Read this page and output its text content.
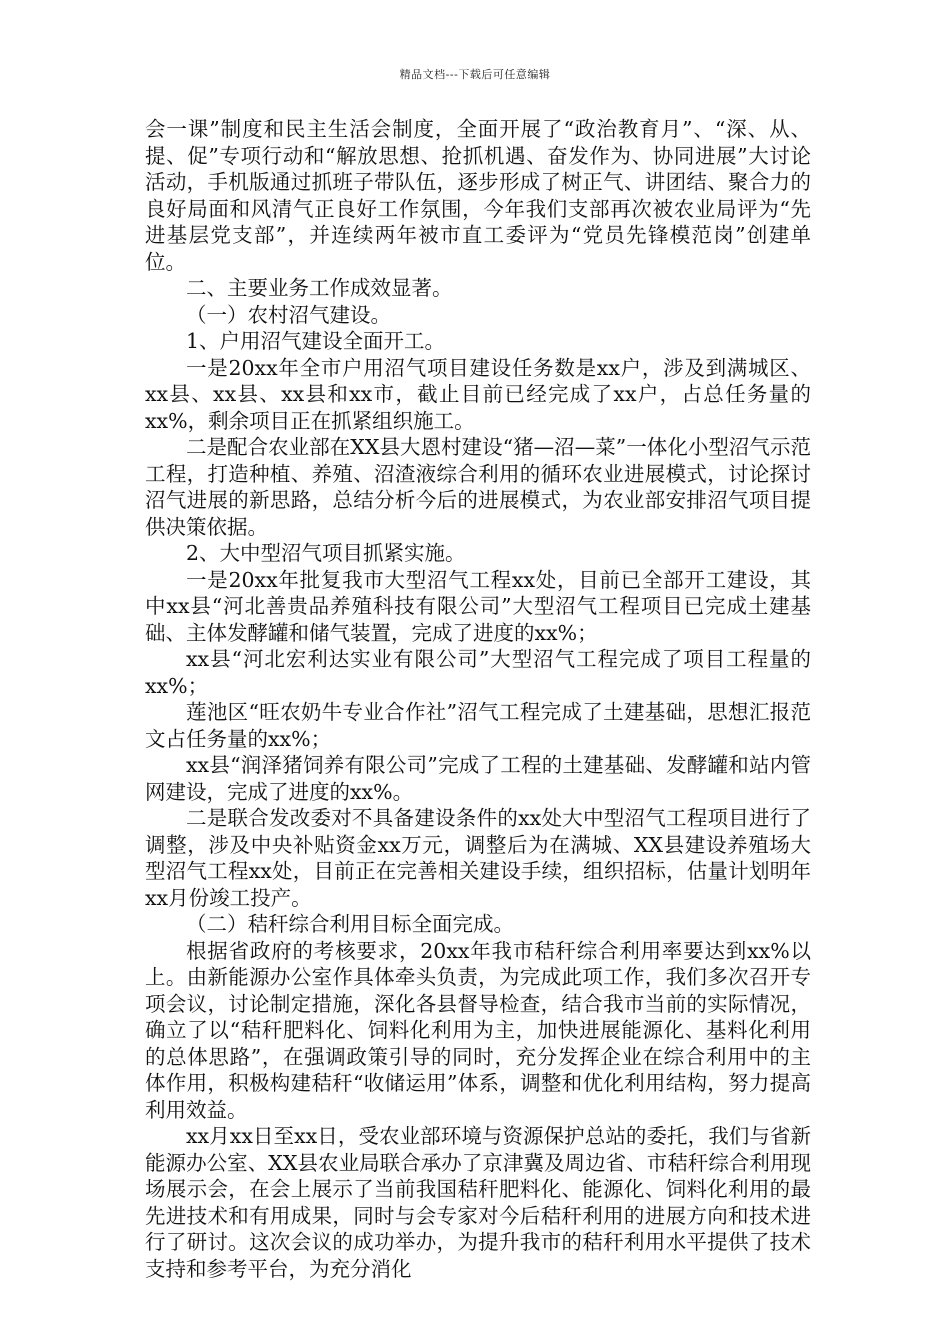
精品文档---下载后可任意编辑

会一课”制度和民主生活会制度，全面开展了“政治教育月”、“深、从、提、促”专项行动和“解放思想、抢抓机遇、奋发作为、协同进展”大讨论活动，手机版通过抓班子带队伍，逐步形成了树正气、讲团结、聚合力的良好局面和风清气正良好工作氛围，今年我们支部再次被农业局评为“先进基层党支部”，并连续两年被市直工委评为“党员先锋模范岗”创建单位。

二、主要业务工作成效显著。

（一）农村沼气建设。

1、户用沼气建设全面开工。

一是20xx年全市户用沼气项目建设任务数是xx户，涉及到满城区、xx县、xx县、xx县和xx市，截止目前已经完成了xx户，占总任务量的xx%，剩余项目正在抓紧组织施工。

二是配合农业部在XX县大恩村建设“猪—沼—菜”一体化小型沼气示范工程，打造种植、养殖、沼渣液综合利用的循环农业进展模式，讨论探讨沼气进展的新思路，总结分析今后的进展模式，为农业部安排沼气项目提供决策依据。

2、大中型沼气项目抓紧实施。

一是20xx年批复我市大型沼气工程xx处，目前已全部开工建设，其中xx县“河北善贵品养殖科技有限公司”大型沼气工程项目已完成土建基础、主体发酵罐和储气装置，完成了进度的xx%；

xx县“河北宏利达实业有限公司”大型沼气工程完成了项目工程量的xx%；

莲池区“旺农奶牛专业合作社”沼气工程完成了土建基础，思想汇报范文占任务量的xx%；

xx县“润泽猪饲养有限公司”完成了工程的土建基础、发酵罐和站内管网建设，完成了进度的xx%。

二是联合发改委对不具备建设条件的xx处大中型沼气工程项目进行了调整，涉及中央补贴资金xx万元，调整后为在满城、XX县建设养殖场大型沼气工程xx处，目前正在完善相关建设手续，组织招标，估量计划明年xx月份竣工投产。

（二）秸秆综合利用目标全面完成。

根据省政府的考核要求，20xx年我市秸秆综合利用率要达到xx%以上。由新能源办公室作具体牵头负责，为完成此项工作，我们多次召开专项会议，讨论制定措施，深化各县督导检查，结合我市当前的实际情况，确立了以“秸秆肥料化、饲料化利用为主，加快进展能源化、基料化利用的总体思路”，在强调政策引导的同时，充分发挥企业在综合利用中的主体作用，积极构建秸秆“收储运用”体系，调整和优化利用结构，努力提高利用效益。

xx月xx日至xx日，受农业部环境与资源保护总站的委托，我们与省新能源办公室、XX县农业局联合承办了京津冀及周边省、市秸秆综合利用现场展示会，在会上展示了当前我国秸秆肥料化、能源化、饲料化利用的最先进技术和有用成果，同时与会专家对今后秸秆利用的进展方向和技术进行了研讨。这次会议的成功举办，为提升我市的秸秆利用水平提供了技术支持和参考平台，为充分消化
